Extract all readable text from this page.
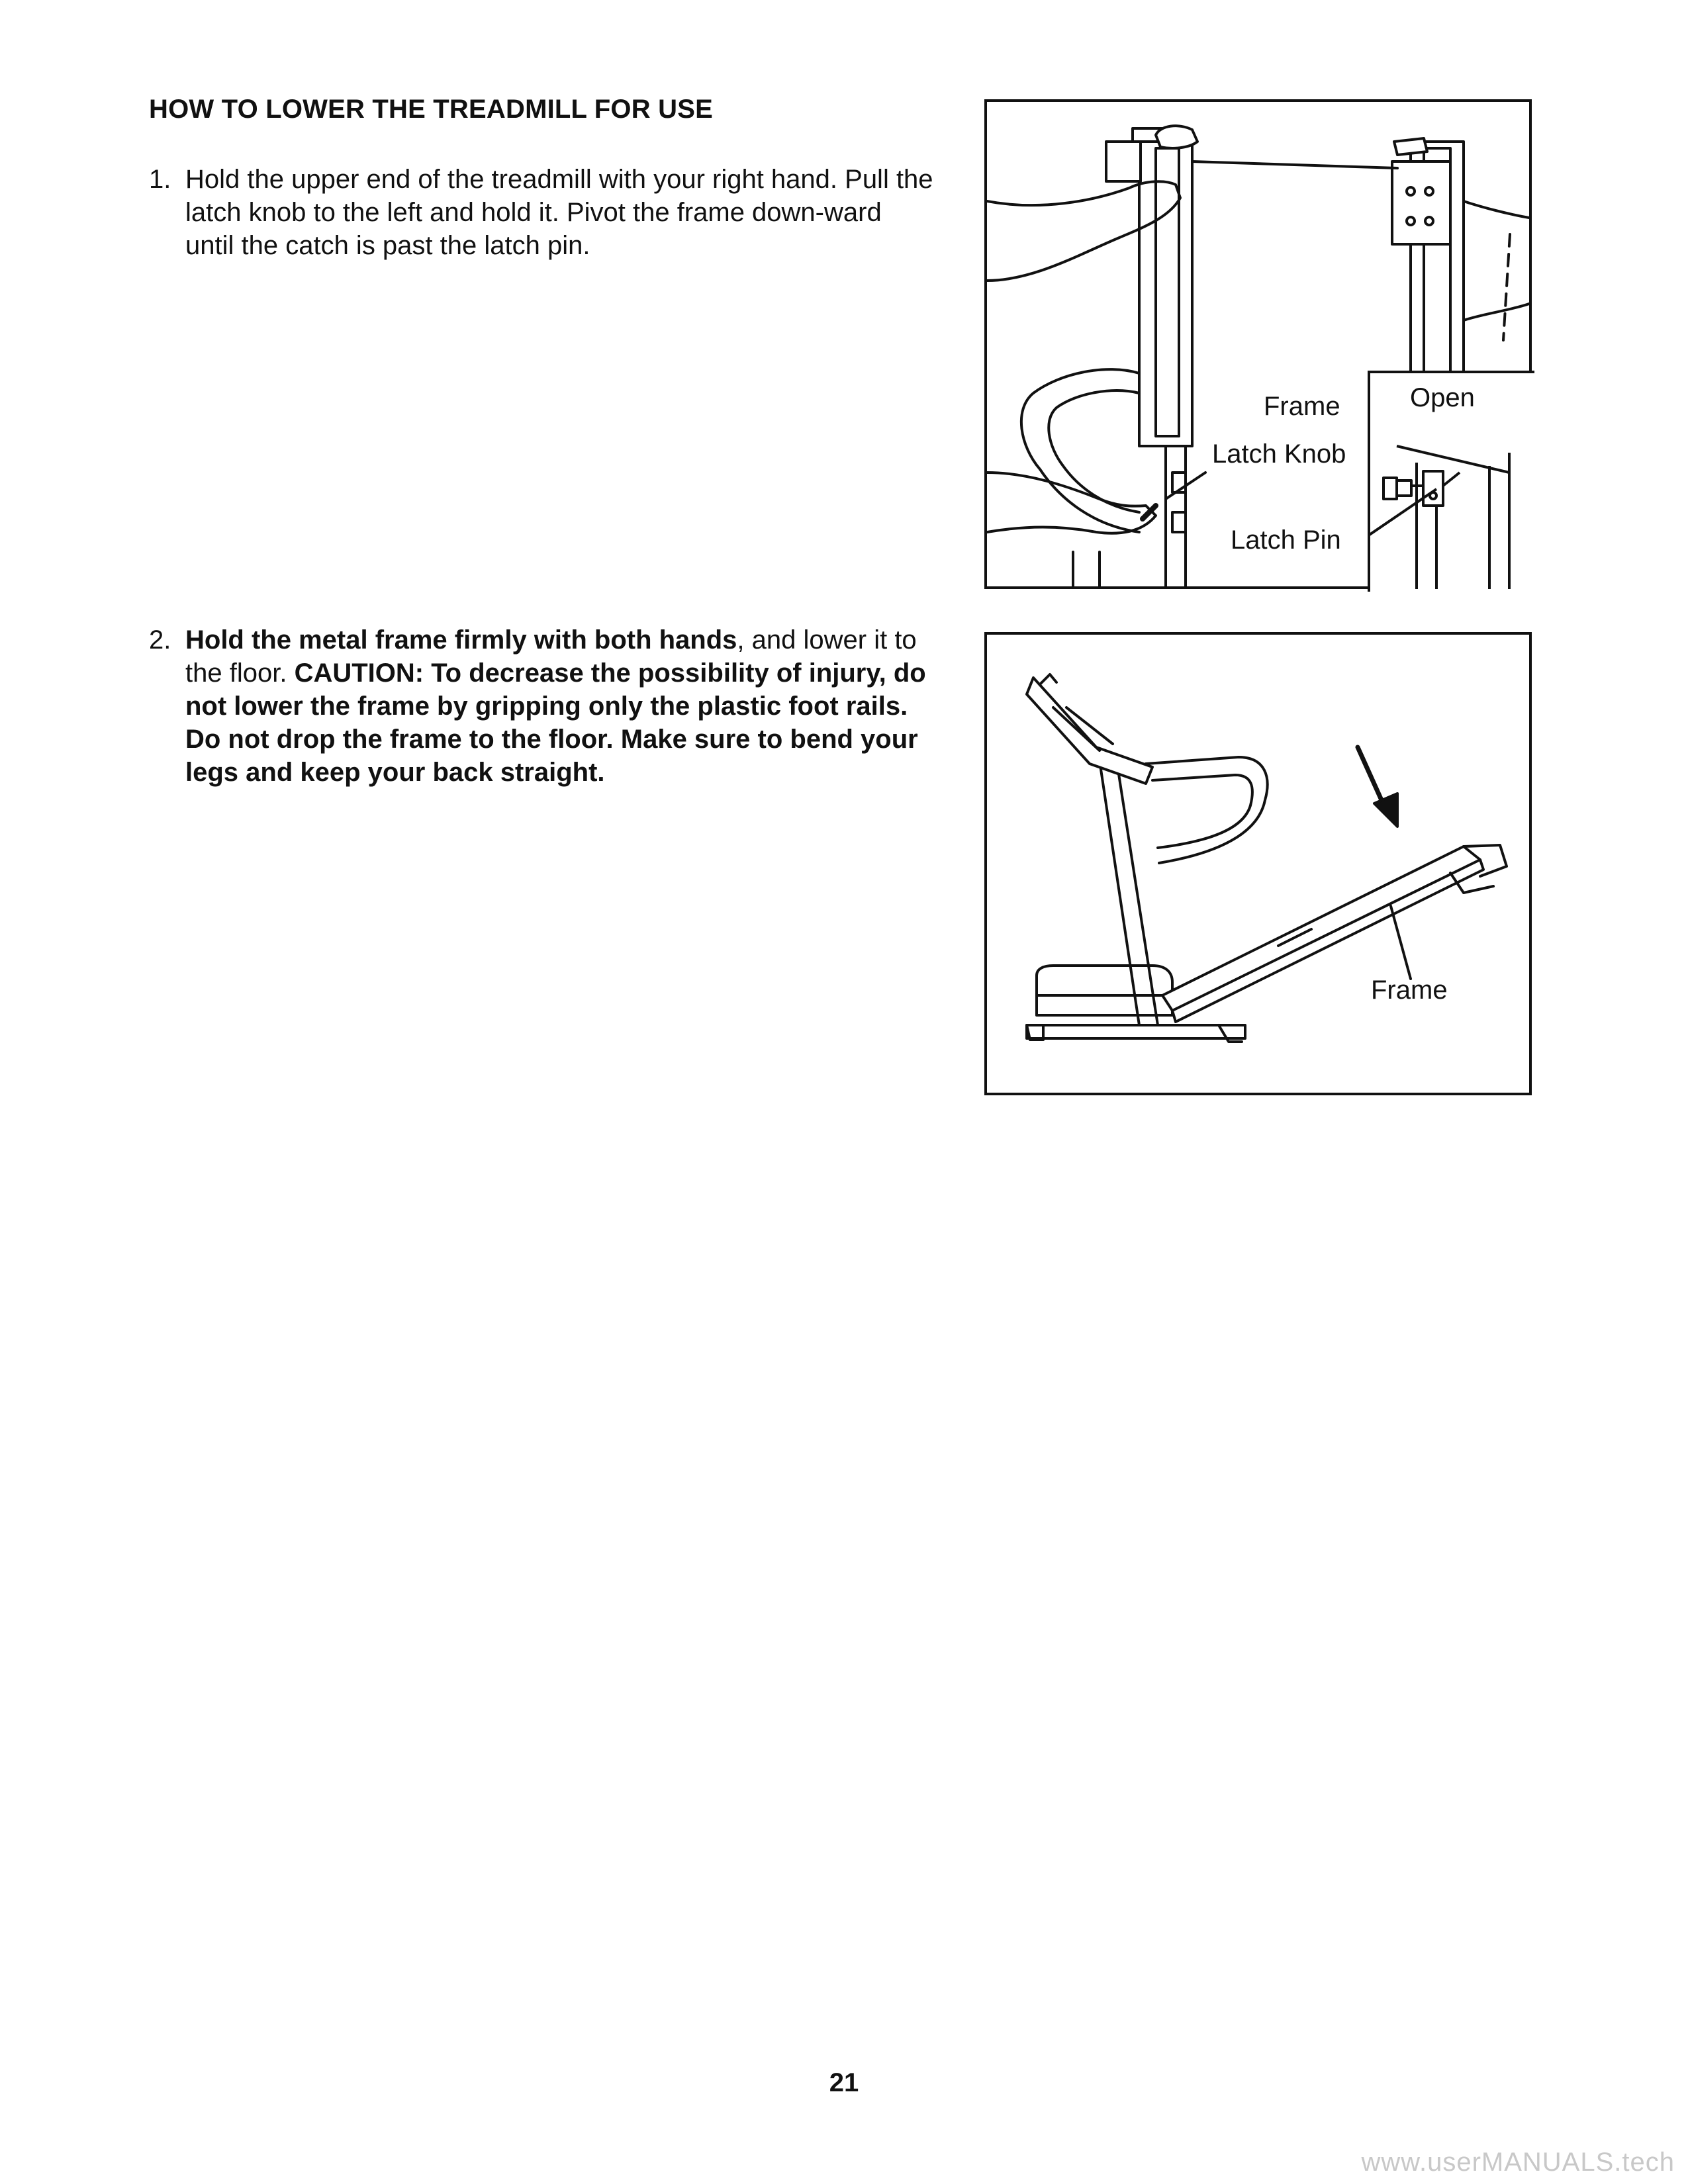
HOW TO LOWER THE TREADMILL FOR USE
1. Hold the upper end of the treadmill with your right hand. Pull the latch knob to the left and hold it. Pivot the frame down-ward until the catch is past the latch pin.
2. Hold the metal frame firmly with both hands, and lower it to the floor. CAUTION: To decrease the possibility of injury, do not lower the frame by gripping only the plastic foot rails. Do not drop the frame to the floor. Make sure to bend your legs and keep your back straight.
Frame
Latch Knob
Latch Pin
Open
Frame
21
www.userMANUALS.tech
